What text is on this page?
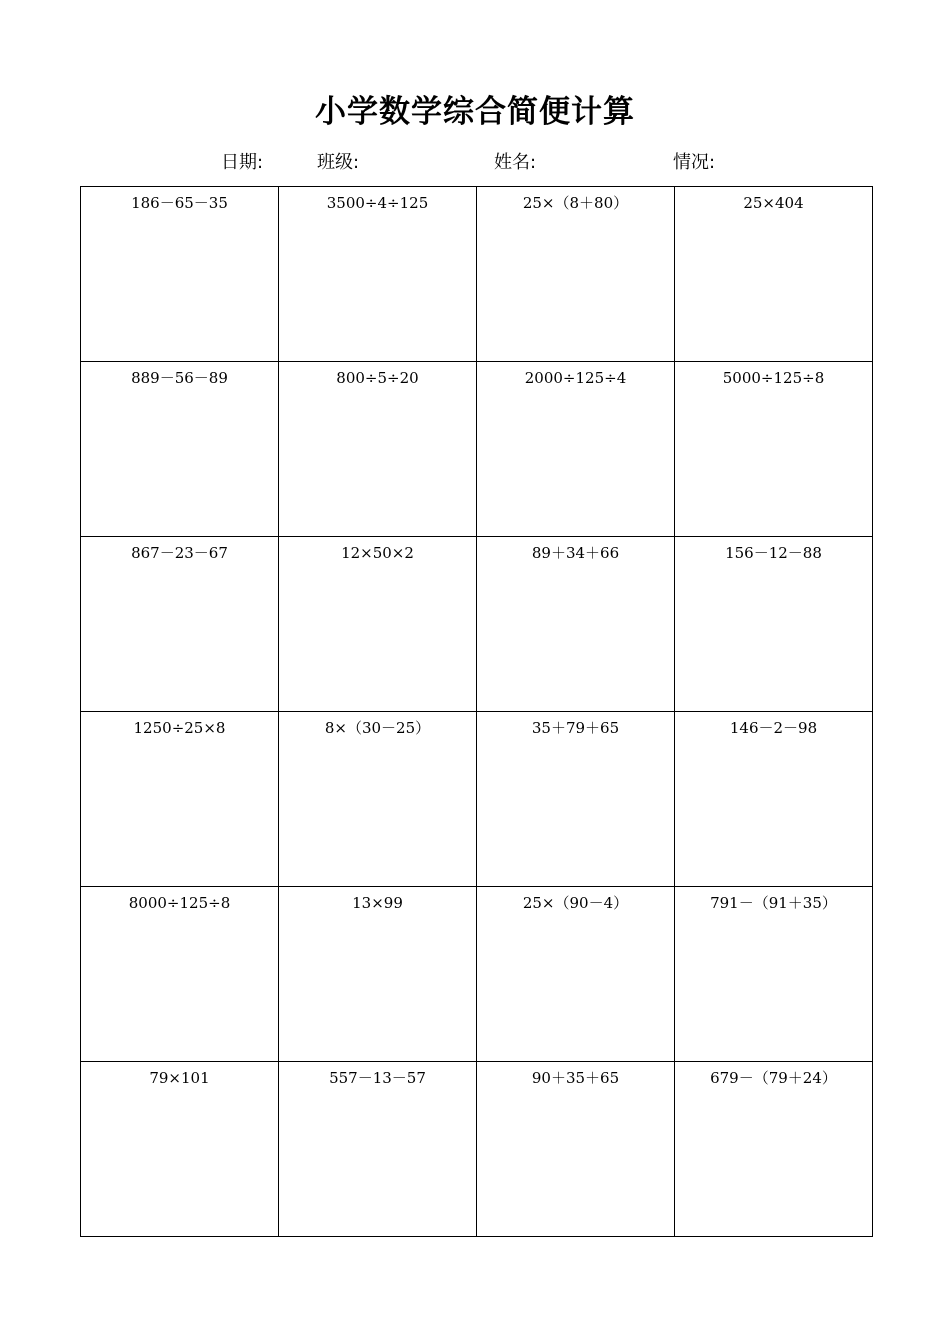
小学数学综合简便计算
日期:	班级:	姓名:	情况:
186－65－35	3500÷4÷125	25×（8＋80）	25×404

889－56－89	800÷5÷20	2000÷125÷4	5000÷125÷8

867－23－67	12×50×2	89＋34＋66	156－12－88

1250÷25×8	8×（30－25）	35＋79＋65	146－2－98

8000÷125÷8	13×99	25×（90－4）	791－（91＋35）

79×101	557－13－57	90＋35＋65	679－（79＋24）
